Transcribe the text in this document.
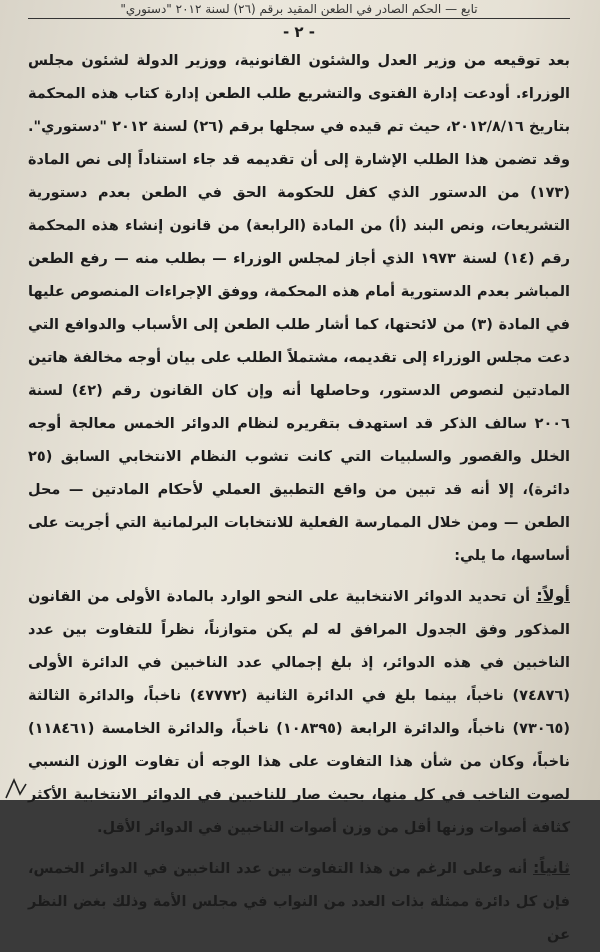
تابع — الحكم الصادر في الطعن المقيد برقم (٢٦) لسنة ٢٠١٢ "دستوري"
- ٢ -

بعد توقيعه من وزير العدل والشئون القانونية، ووزير الدولة لشئون مجلس الوزراء. أودعت إدارة الفتوى والتشريع طلب الطعن إدارة كتاب هذه المحكمة بتاريخ ٢٠١٢/٨/١٦، حيث تم قيده في سجلها برقم (٢٦) لسنة ٢٠١٢ "دستوري". وقد تضمن هذا الطلب الإشارة إلى أن تقديمه قد جاء استناداً إلى نص المادة (١٧٣) من الدستور الذي كفل للحكومة الحق في الطعن بعدم دستورية التشريعات، ونص البند (أ) من المادة (الرابعة) من قانون إنشاء هذه المحكمة رقم (١٤) لسنة ١٩٧٣ الذي أجاز لمجلس الوزراء — بطلب منه — رفع الطعن المباشر بعدم الدستورية أمام هذه المحكمة، ووفق الإجراءات المنصوص عليها في المادة (٣) من لائحتها، كما أشار طلب الطعن إلى الأسباب والدوافع التي دعت مجلس الوزراء إلى تقديمه، مشتملاً الطلب على بيان أوجه مخالفة هاتين المادتين لنصوص الدستور، وحاصلها أنه وإن كان القانون رقم (٤٢) لسنة ٢٠٠٦ سالف الذكر قد استهدف بتقريره لنظام الدوائر الخمس معالجة أوجه الخلل والقصور والسلبيات التي كانت تشوب النظام الانتخابي السابق (٢٥ دائرة)، إلا أنه قد تبين من واقع التطبيق العملي لأحكام المادتين — محل الطعن — ومن خلال الممارسة الفعلية للانتخابات البرلمانية التي أجريت على أساسها، ما يلي:

أولاً: أن تحديد الدوائر الانتخابية على النحو الوارد بالمادة الأولى من القانون المذكور وفق الجدول المرافق له لم يكن متوازناً، نظراً للتفاوت بين عدد الناخبين في هذه الدوائر، إذ بلغ إجمالي عدد الناخبين في الدائرة الأولى (٧٤٨٧٦) ناخباً، بينما بلغ في الدائرة الثانية (٤٧٧٧٢) ناخباً، والدائرة الثالثة (٧٣٠٦٥) ناخباً، والدائرة الرابعة (١٠٨٣٩٥) ناخباً، والدائرة الخامسة (١١٨٤٦١) ناخباً، وكان من شأن هذا التفاوت على هذا الوجه أن تفاوت الوزن النسبي لصوت الناخب في كل منها، بحيث صار للناخبين في الدوائر الانتخابية الأكثر كثافة أصوات وزنها أقل من وزن أصوات الناخبين في الدوائر الأقل.

ثانياً: أنه وعلى الرغم من هذا التفاوت بين عدد الناخبين في الدوائر الخمس، فإن كل دائرة ممثلة بذات العدد من النواب في مجلس الأمة وذلك بغض النظر عن
